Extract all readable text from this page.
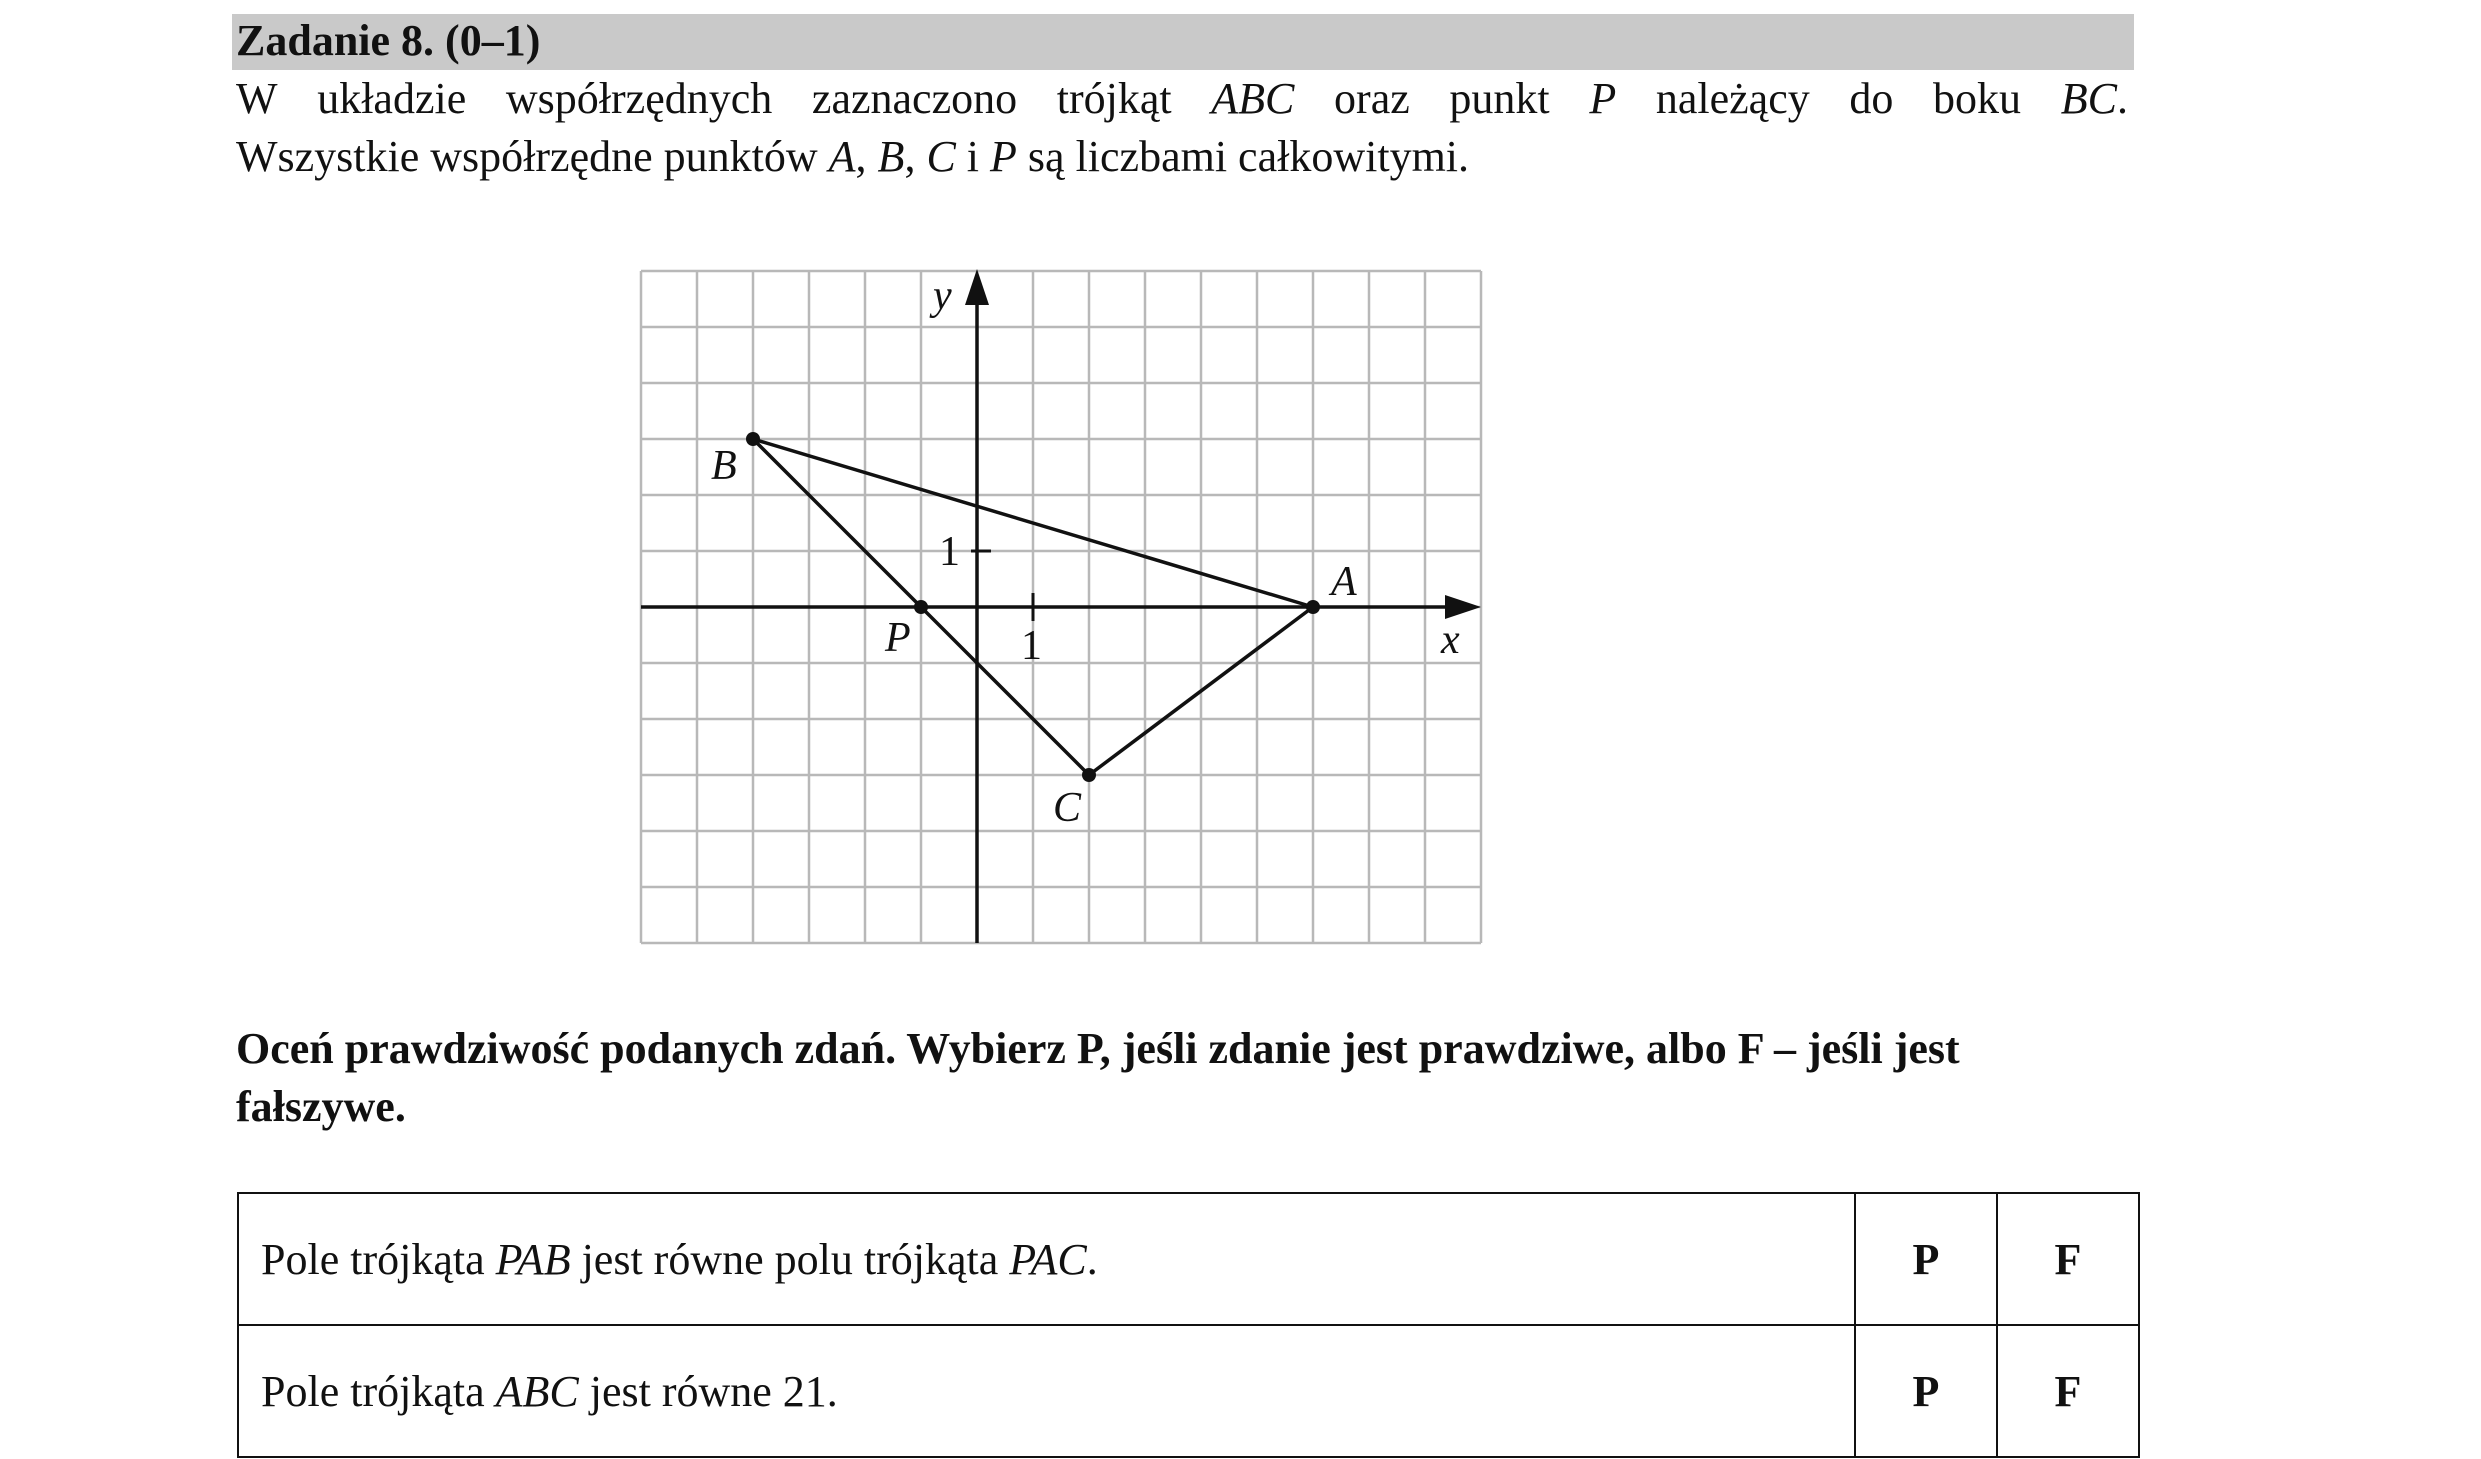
Zadanie 8. (0–1)
W układzie współrzędnych zaznaczono trójkąt ABC oraz punkt P należący do boku BC.
Wszystkie współrzędne punktów A, B, C i P są liczbami całkowitymi.
A
B
C
P	x
y
1
1
Oceń prawdziwość podanych zdań. Wybierz P, jeśli zdanie jest prawdziwe, albo F – jeśli jest fałszywe.
Pole trójkąta PAB jest równe polu trójkąta PAC.	P	F
Pole trójkąta ABC jest równe 21.	P	F
